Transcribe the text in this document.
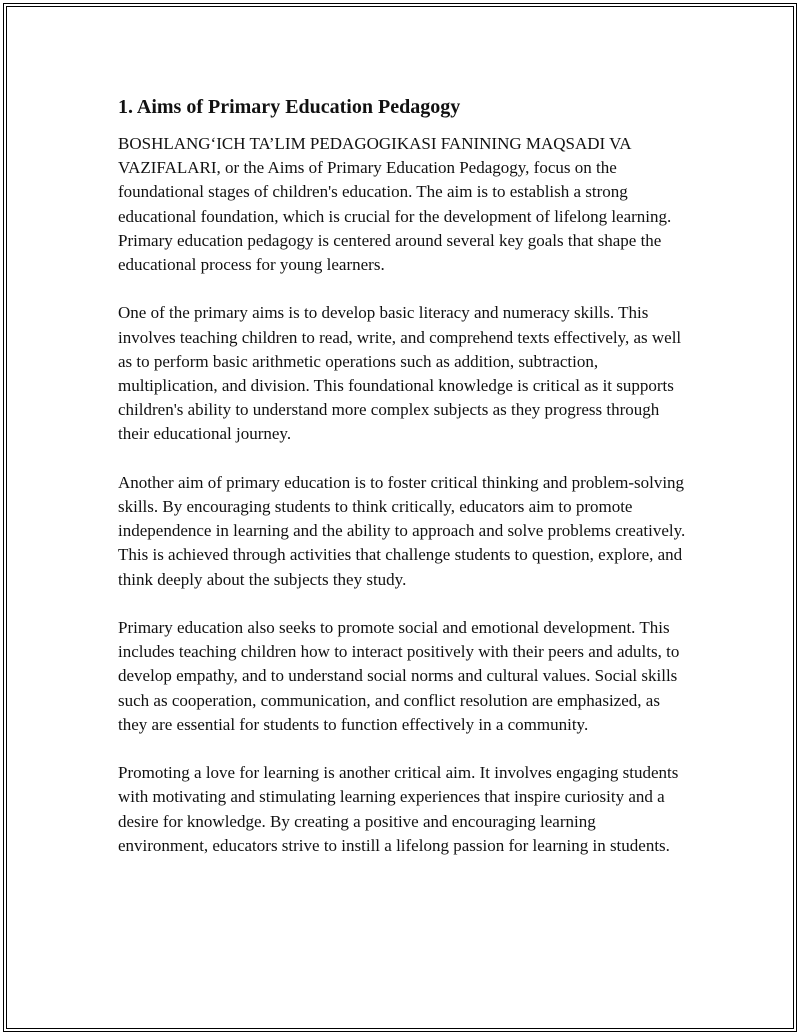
1. Aims of Primary Education Pedagogy

BOSHLANG‘ICH TA’LIM PEDAGOGIKASI FANINING MAQSADI VA VAZIFALARI, or the Aims of Primary Education Pedagogy, focus on the foundational stages of children's education. The aim is to establish a strong educational foundation, which is crucial for the development of lifelong learning. Primary education pedagogy is centered around several key goals that shape the educational process for young learners.

One of the primary aims is to develop basic literacy and numeracy skills. This involves teaching children to read, write, and comprehend texts effectively, as well as to perform basic arithmetic operations such as addition, subtraction, multiplication, and division. This foundational knowledge is critical as it supports children's ability to understand more complex subjects as they progress through their educational journey.

Another aim of primary education is to foster critical thinking and problem-solving skills. By encouraging students to think critically, educators aim to promote independence in learning and the ability to approach and solve problems creatively. This is achieved through activities that challenge students to question, explore, and think deeply about the subjects they study.

Primary education also seeks to promote social and emotional development. This includes teaching children how to interact positively with their peers and adults, to develop empathy, and to understand social norms and cultural values. Social skills such as cooperation, communication, and conflict resolution are emphasized, as they are essential for students to function effectively in a community.

Promoting a love for learning is another critical aim. It involves engaging students with motivating and stimulating learning experiences that inspire curiosity and a desire for knowledge. By creating a positive and encouraging learning environment, educators strive to instill a lifelong passion for learning in students.
